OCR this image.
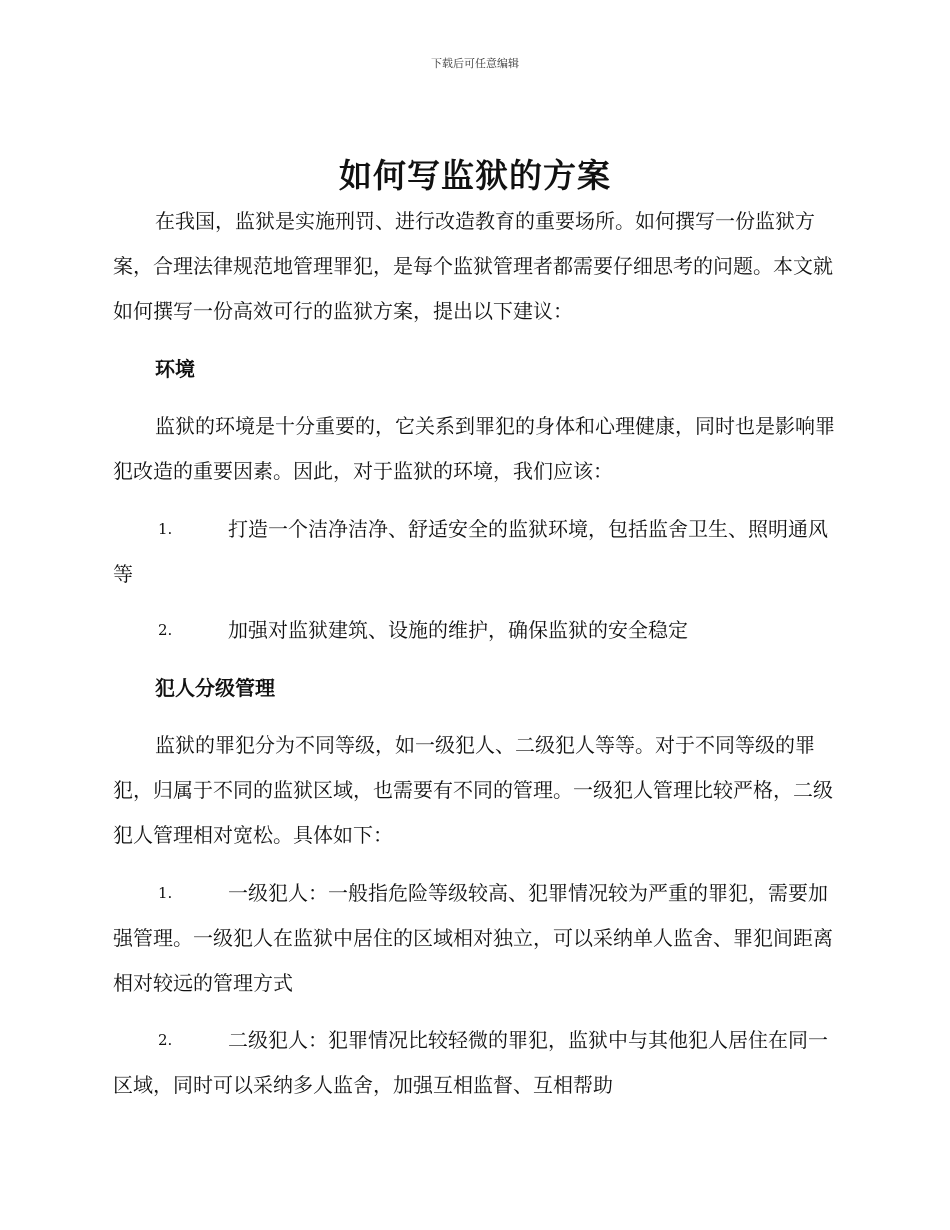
下载后可任意编辑
如何写监狱的方案
在我国，监狱是实施刑罚、进行改造教育的重要场所。如何撰写一份监狱方案，合理法律规范地管理罪犯，是每个监狱管理者都需要仔细思考的问题。本文就如何撰写一份高效可行的监狱方案，提出以下建议：
环境
监狱的环境是十分重要的，它关系到罪犯的身体和心理健康，同时也是影响罪犯改造的重要因素。因此，对于监狱的环境，我们应该：
1.	打造一个洁净洁净、舒适安全的监狱环境，包括监舍卫生、照明通风等
2.	加强对监狱建筑、设施的维护，确保监狱的安全稳定
犯人分级管理
监狱的罪犯分为不同等级，如一级犯人、二级犯人等等。对于不同等级的罪犯，归属于不同的监狱区域，也需要有不同的管理。一级犯人管理比较严格，二级犯人管理相对宽松。具体如下：
1.	一级犯人：一般指危险等级较高、犯罪情况较为严重的罪犯，需要加强管理。一级犯人在监狱中居住的区域相对独立，可以采纳单人监舍、罪犯间距离相对较远的管理方式
2.	二级犯人：犯罪情况比较轻微的罪犯，监狱中与其他犯人居住在同一区域，同时可以采纳多人监舍，加强互相监督、互相帮助
